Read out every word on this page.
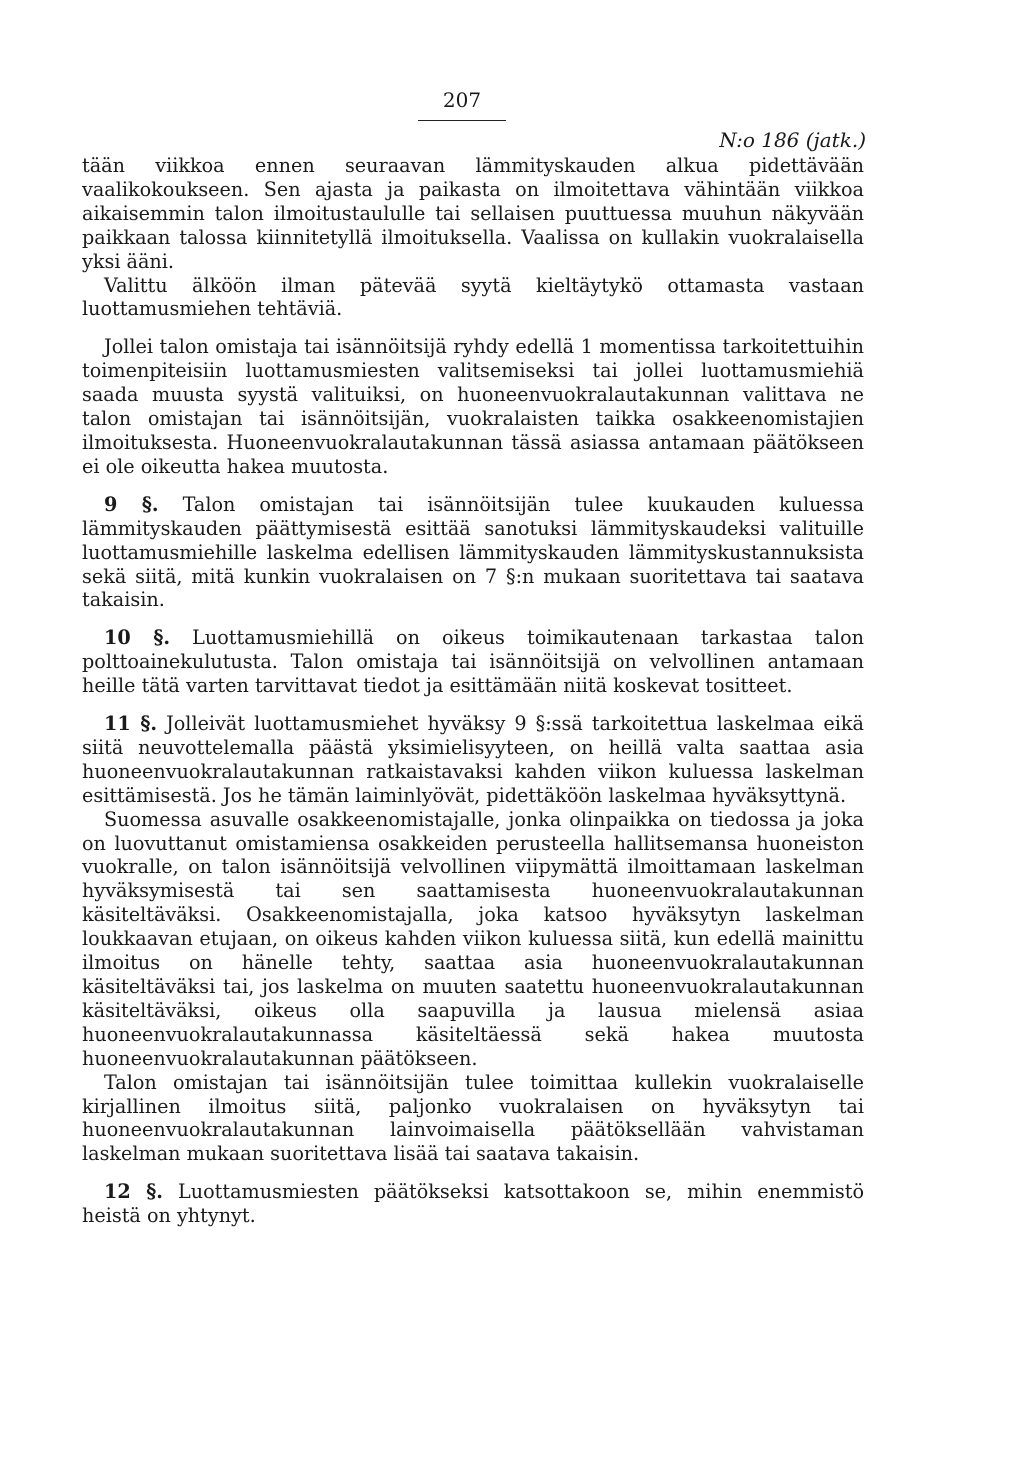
207
N:o 186 (jatk.)

tään viikkoa ennen seuraavan lämmityskauden alkua pidettävään vaalikokoukseen. Sen ajasta ja paikasta on ilmoitettava vähintään viikkoa aikaisemmin talon ilmoitustaululle tai sellaisen puuttuessa muuhun näkyvään paikkaan talossa kiinnitetyllä ilmoituksella. Vaalissa on kullakin vuokralaisella yksi ääni.

Valittu älköön ilman pätevää syytä kieltäytykö ottamasta vastaan luottamusmiehen tehtäviä.

Jollei talon omistaja tai isännöitsijä ryhdy edellä 1 momentissa tarkoitettuihin toimenpiteisiin luottamusmiesten valitsemiseksi tai jollei luottamusmiehiä saada muusta syystä valituiksi, on huoneenvuokralautakunnan valittava ne talon omistajan tai isännöitsijän, vuokralaisten taikka osakkeenomistajien ilmoituksesta. Huoneenvuokralautakunnan tässä asiassa antamaan päätökseen ei ole oikeutta hakea muutosta.

9 §. Talon omistajan tai isännöitsijän tulee kuukauden kuluessa lämmityskauden päättymisestä esittää sanotuksi lämmityskaudeksi valituille luottamusmiehille laskelma edellisen lämmityskauden lämmityskustannuksista sekä siitä, mitä kunkin vuokralaisen on 7 §:n mukaan suoritettava tai saatava takaisin.

10 §. Luottamusmiehillä on oikeus toimikautenaan tarkastaa talon polttoainekulutusta. Talon omistaja tai isännöitsijä on velvollinen antamaan heille tätä varten tarvittavat tiedot ja esittämään niitä koskevat tositteet.

11 §. Jolleivät luottamusmiehet hyväksy 9 §:ssä tarkoitettua laskelmaa eikä siitä neuvottelemalla päästä yksimielisyyteen, on heillä valta saattaa asia huoneenvuokralautakunnan ratkaistavaksi kahden viikon kuluessa laskelman esittämisestä. Jos he tämän laiminlyövät, pidettäköön laskelmaa hyväksyttynä.

Suomessa asuvalle osakkeenomistajalle, jonka olinpaikka on tiedossa ja joka on luovuttanut omistamiensa osakkeiden perusteella hallitsemansa huoneiston vuokralle, on talon isännöitsijä velvollinen viipymättä ilmoittamaan laskelman hyväksymisestä tai sen saattamisesta huoneenvuokralautakunnan käsiteltäväksi. Osakkeenomistajalla, joka katsoo hyväksytyn laskelman loukkaavan etujaan, on oikeus kahden viikon kuluessa siitä, kun edellä mainittu ilmoitus on hänelle tehty, saattaa asia huoneenvuokralautakunnan käsiteltäväksi tai, jos laskelma on muuten saatettu huoneenvuokralautakunnan käsiteltäväksi, oikeus olla saapuvilla ja lausua mielensä asiaa huoneenvuokralautakunnassa käsiteltäessä sekä hakea muutosta huoneenvuokralautakunnan päätökseen.

Talon omistajan tai isännöitsijän tulee toimittaa kullekin vuokralaiselle kirjallinen ilmoitus siitä, paljonko vuokralaisen on hyväksytyn tai huoneenvuokralautakunnan lainvoimaisella päätöksellään vahvistaman laskelman mukaan suoritettava lisää tai saatava takaisin.

12 §. Luottamusmiesten päätökseksi katsottakoon se, mihin enemmistö heistä on yhtynyt.
